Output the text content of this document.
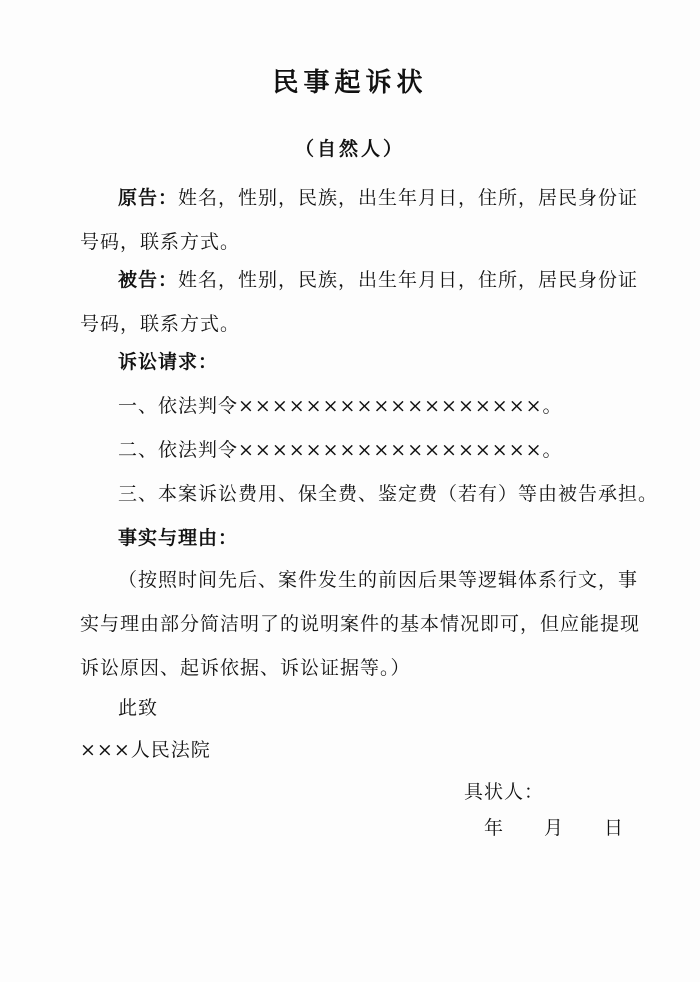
民事起诉状
（自然人）
原告：姓名，性别，民族，出生年月日，住所，居民身份证号码，联系方式。
被告：姓名，性别，民族，出生年月日，住所，居民身份证号码，联系方式。
诉讼请求：
一、依法判令××××××××××××××××××。
二、依法判令××××××××××××××××××。
三、本案诉讼费用、保全费、鉴定费（若有）等由被告承担。
事实与理由：
（按照时间先后、案件发生的前因后果等逻辑体系行文，事实与理由部分简洁明了的说明案件的基本情况即可，但应能提现诉讼原因、起诉依据、诉讼证据等。）
此致
×××人民法院
具状人：
年　　月　　日
